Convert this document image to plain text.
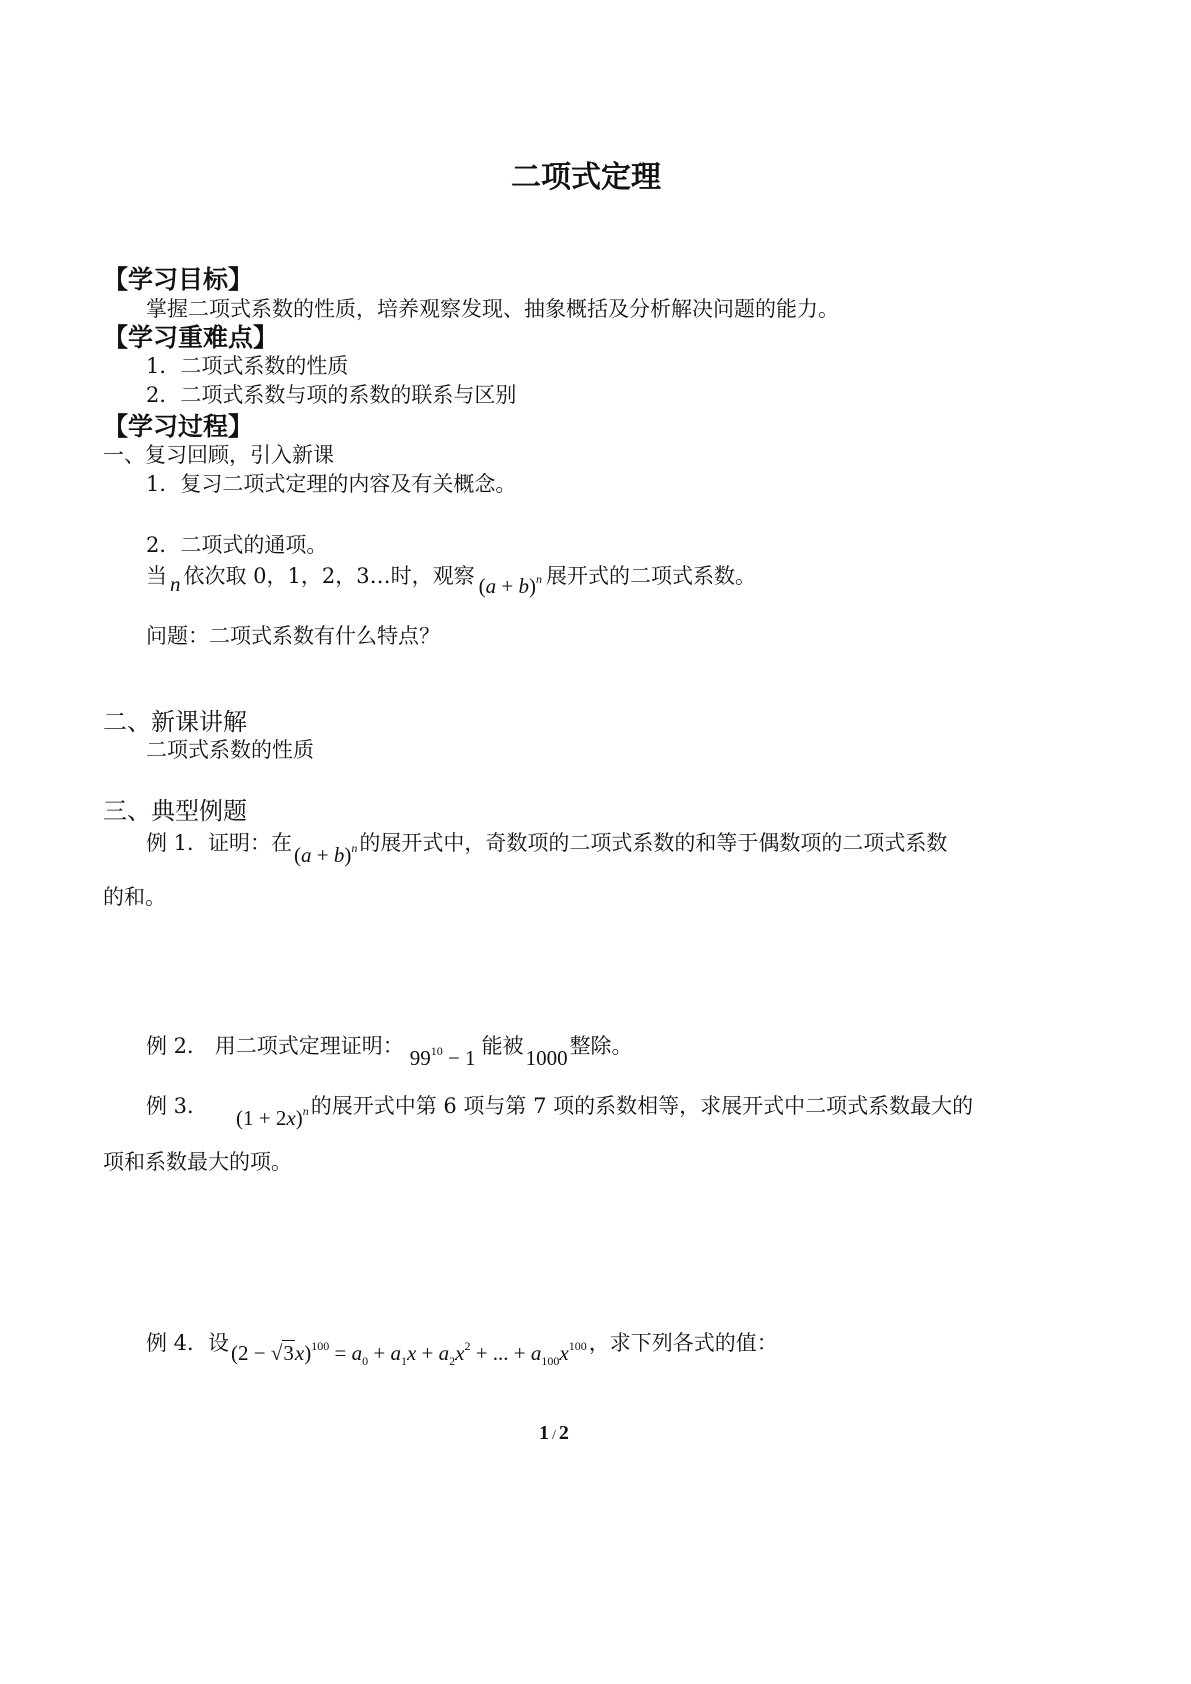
二项式定理
【学习目标】
掌握二项式系数的性质，培养观察发现、抽象概括及分析解决问题的能力。
【学习重难点】
1．二项式系数的性质
2．二项式系数与项的系数的联系与区别
【学习过程】
一、复习回顾，引入新课
1．复习二项式定理的内容及有关概念。
2．二项式的通项。
当 n 依次取 0，1，2，3…时，观察 $(a + b)^n$ 展开式的二项式系数。
问题：二项式系数有什么特点？
二、新课讲解
二项式系数的性质
三、典型例题
例 1．证明：在$(a + b)^n$的展开式中，奇数项的二项式系数的和等于偶数项的二项式系数
的和。
例 2． 用二项式定理证明： $99^{10} - 1$ 能被1000整除。
例 3． $(1 + 2x)^n$的展开式中第 6 项与第 7 项的系数相等，求展开式中二项式系数最大的
项和系数最大的项。
例 4．设$(2 - √3x)^{100} = a_0 + a_1x + a_2x^2$ + ... + $a_{100}x^{100}$，求下列各式的值：
1 / 2
